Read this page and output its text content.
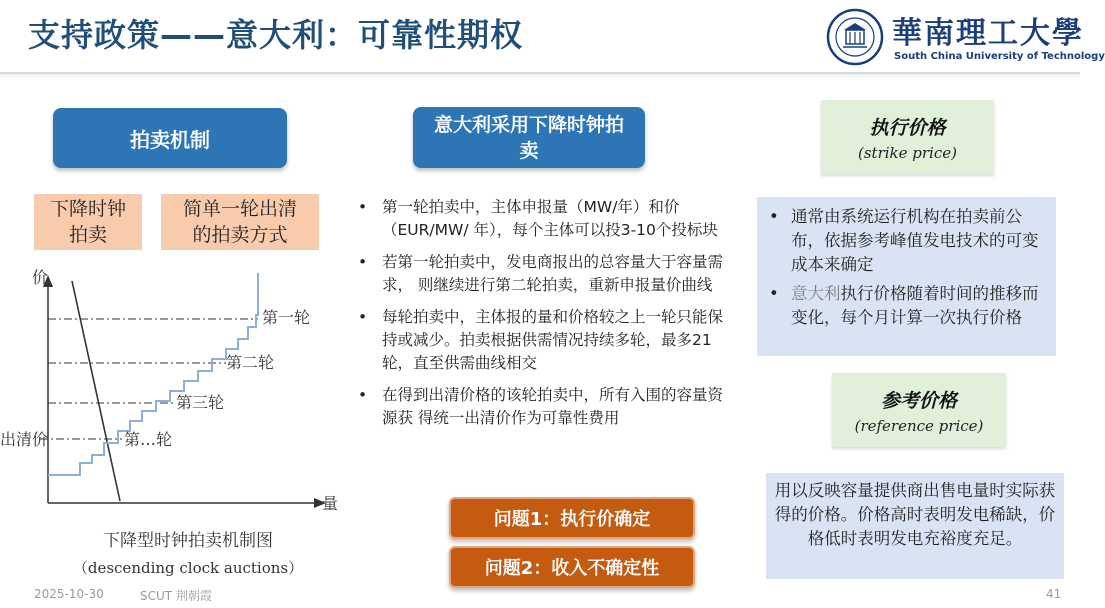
支持政策——意大利：可靠性期权	華南理工大學
South China University of Technology
拍卖机制
下降时钟
拍卖
简单一轮出清
的拍卖方式
价
量
第一轮
第二轮
第三轮
第…轮
出清价
下降型时钟拍卖机制图
（descending clock auctions）
意大利采用下降时钟拍卖
• 第一轮拍卖中，主体申报量（MW/年）和价（EUR/MW/ 年），每个主体可以投3-10个投标块
• 若第一轮拍卖中，发电商报出的总容量大于容量需求， 则继续进行第二轮拍卖，重新申报量价曲线
• 每轮拍卖中，主体报的量和价格较之上一轮只能保持或减少。拍卖根据供需情况持续多轮，最多21轮，直至供需曲线相交
• 在得到出清价格的该轮拍卖中，所有入围的容量资源获 得统一出清价作为可靠性费用
问题1：执行价确定
问题2：收入不确定性
执行价格
(strike price)
• 通常由系统运行机构在拍卖前公布，依据参考峰值发电技术的可变成本来确定
• 意大利执行价格随着时间的推移而变化，每个月计算一次执行价格
参考价格
(reference price)
用以反映容量提供商出售电量时实际获得的价格。价格高时表明发电稀缺，价格低时表明发电充裕度充足。
2025-10-30	SCUT 荆朝霞	41
